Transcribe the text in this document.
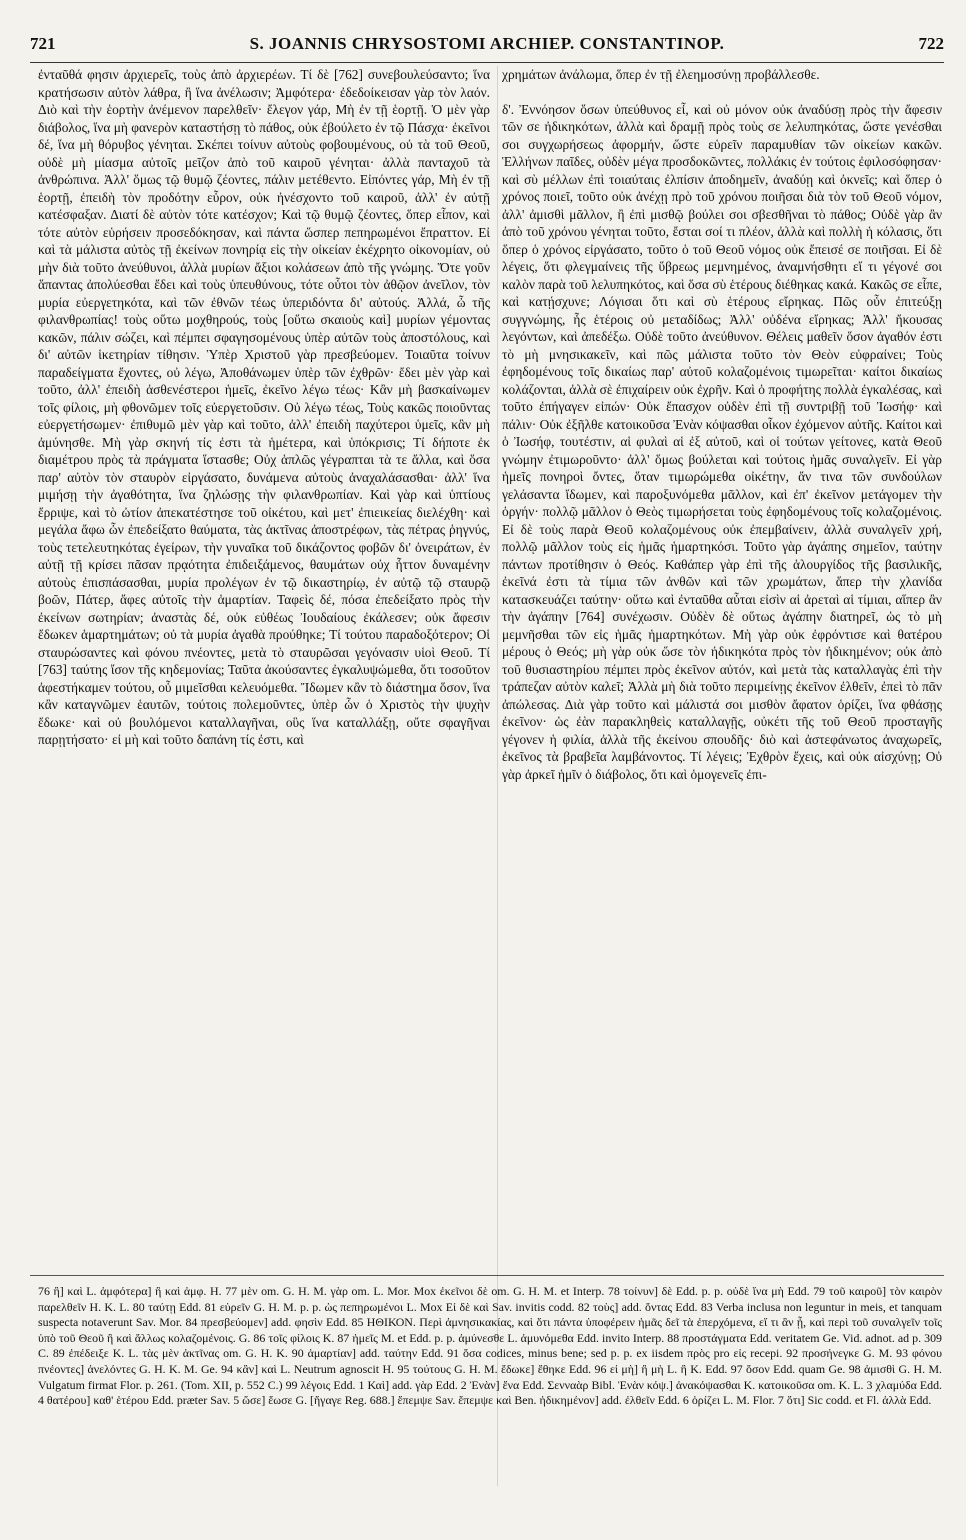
721	S. JOANNIS CHRYSOSTOMI ARCHIEP. CONSTANTINOP.	722

ἐνταῦθά φησιν ἀρχιερεῖς, τοὺς ἀπὸ ἀρχιερέων. Τί δὲ [762] συνεβουλεύσαντο; ἵνα κρατήσωσιν αὐτὸν λάθρα, ἢ ἵνα ἀνέλωσιν; Ἀμφότερα· ἐδεδοίκεισαν γὰρ τὸν λαόν. Διὸ καὶ τὴν ἑορτὴν ἀνέμενον παρελθεῖν· ἔλεγον γάρ, Μὴ ἐν τῇ ἑορτῇ. Ὁ μὲν γὰρ διάβολος, ἵνα μὴ φανερὸν καταστήσῃ τὸ πάθος, οὐκ ἐβούλετο ἐν τῷ Πάσχα· ἐκεῖνοι δέ, ἵνα μὴ θόρυβος γένηται. Σκέπει τοίνυν αὐτοὺς φοβουμένους, οὐ τὰ τοῦ Θεοῦ, οὐδὲ μὴ μίασμα αὐτοῖς μεῖζον ἀπὸ τοῦ καιροῦ γένηται· ἀλλὰ πανταχοῦ τὰ ἀνθρώπινα. Ἀλλ' ὅμως τῷ θυμῷ ζέοντες, πάλιν μετέθεντο. Εἰπόντες γάρ, Μὴ ἐν τῇ ἑορτῇ, ἐπειδὴ τὸν προδότην εὗρον, οὐκ ἠνέσχοντο τοῦ καιροῦ, ἀλλ' ἐν αὐτῇ κατέσφαξαν. Διατί δὲ αὐτὸν τότε κατέσχον; Καὶ τῷ θυμῷ ζέοντες, ὅπερ εἶπον, καὶ τότε αὐτὸν εὑρήσειν προσεδόκησαν, καὶ πάντα ὥσπερ πεπηρωμένοι ἔπραττον. Εἰ καὶ τὰ μάλιστα αὐτὸς τῇ ἐκείνων πονηρίᾳ εἰς τὴν οἰκείαν ἐκέχρητο οἰκονομίαν, οὐ μὴν διὰ τοῦτο ἀνεύθυνοι, ἀλλὰ μυρίων ἄξιοι κολάσεων ἀπὸ τῆς γνώμης. Ὅτε γοῦν ἅπαντας ἀπολύεσθαι ἔδει καὶ τοὺς ὑπευθύνους, τότε οὗτοι τὸν ἀθῷον ἀνεῖλον, τὸν μυρία εὐεργετηκότα, καὶ τῶν ἐθνῶν τέως ὑπεριδόντα δι' αὐτούς. Ἀλλά, ὦ τῆς φιλανθρωπίας! τοὺς οὕτω μοχθηρούς, τοὺς [οὕτω σκαιοὺς καὶ] μυρίων γέμοντας κακῶν, πάλιν σώζει, καὶ πέμπει σφαγησομένους ὑπὲρ αὐτῶν τοὺς ἀποστόλους, καὶ δι' αὐτῶν ἱκετηρίαν τίθησιν. Ὑπὲρ Χριστοῦ γὰρ πρεσβεύομεν. Τοιαῦτα τοίνυν παραδείγματα ἔχοντες, οὐ λέγω, Ἀποθάνωμεν ὑπὲρ τῶν ἐχθρῶν· ἔδει μὲν γὰρ καὶ τοῦτο, ἀλλ' ἐπειδὴ ἀσθενέστεροι ἡμεῖς, ἐκεῖνο λέγω τέως· Κἂν μὴ βασκαίνωμεν τοῖς φίλοις, μὴ φθονῶμεν τοῖς εὐεργετοῦσιν. Οὐ λέγω τέως, Τοὺς κακῶς ποιοῦντας εὐεργετήσωμεν· ἐπιθυμῶ μὲν γὰρ καὶ τοῦτο, ἀλλ' ἐπειδὴ παχύτεροι ὑμεῖς, κἂν μὴ ἀμύνησθε. Μὴ γὰρ σκηνή τίς ἐστι τὰ ἡμέτερα, καὶ ὑπόκρισις; Τί δήποτε ἐκ διαμέτρου πρὸς τὰ πράγματα ἵστασθε; Οὐχ ἁπλῶς γέγραπται τὰ τε ἄλλα, καὶ ὅσα παρ' αὐτὸν τὸν σταυρὸν εἰργάσατο, δυνάμενα αὐτοὺς ἀναχαλάσασθαι· ἀλλ' ἵνα μιμήσῃ τὴν ἀγαθότητα, ἵνα ζηλώσῃς τὴν φιλανθρωπίαν. Καὶ γὰρ καὶ ὑπτίους ἔρριψε, καὶ τὸ ὠτίον ἀπεκατέστησε τοῦ οἰκέτου, καὶ μετ' ἐπιεικείας διελέχθη· καὶ μεγάλα ἄφω ὧν ἐπεδείξατο θαύματα, τὰς ἀκτῖνας ἀποστρέφων, τὰς πέτρας ῥηγνύς, τοὺς τετελευτηκότας ἐγείρων, τὴν γυναῖκα τοῦ δικάζοντος φοβῶν δι' ὀνειράτων, ἐν αὐτῇ τῇ κρίσει πᾶσαν πρᾳότητα ἐπιδειξάμενος, θαυμάτων οὐχ ἧττον δυναμένην αὐτοὺς ἐπισπάσασθαι, μυρία προλέγων ἐν τῷ δικαστηρίῳ, ἐν αὐτῷ τῷ σταυρῷ βοῶν, Πάτερ, ἄφες αὐτοῖς τὴν ἁμαρτίαν. Ταφεὶς δέ, πόσα ἐπεδείξατο πρὸς τὴν ἐκείνων σωτηρίαν; ἀναστὰς δέ, οὐκ εὐθέως Ἰουδαίους ἐκάλεσεν; οὐκ ἄφεσιν ἔδωκεν ἁμαρτημάτων; οὐ τὰ μυρία ἀγαθὰ προύθηκε; Τί τούτου παραδοξότερον; Οἱ σταυρώσαντες καὶ φόνου πνέοντες, μετὰ τὸ σταυρῶσαι γεγόνασιν υἱοὶ Θεοῦ. Τί [763] ταύτης ἴσον τῆς κηδεμονίας; Ταῦτα ἀκούσαντες ἐγκαλυψώμεθα, ὅτι τοσοῦτον ἀφεστήκαμεν τούτου, οὗ μιμεῖσθαι κελευόμεθα. Ἴδωμεν κἂν τὸ διάστημα ὅσον, ἵνα κἂν καταγνῶμεν ἑαυτῶν, τούτοις πολεμοῦντες, ὑπὲρ ὧν ὁ Χριστὸς τὴν ψυχὴν ἔδωκε· καὶ οὐ βουλόμενοι καταλλαγῆναι, οὓς ἵνα καταλλάξῃ, οὔτε σφαγῆναι παρῃτήσατο· εἰ μὴ καὶ τοῦτο δαπάνη τίς ἐστι, καὶ

χρημάτων ἀνάλωμα, ὅπερ ἐν τῇ ἐλεημοσύνῃ προβάλλεσθε.

δ'. Ἐννόησον ὅσων ὑπεύθυνος εἶ, καὶ οὐ μόνον οὐκ ἀναδύσῃ πρὸς τὴν ἄφεσιν τῶν σε ἠδικηκότων, ἀλλὰ καὶ δραμῇ πρὸς τοὺς σε λελυπηκότας, ὥστε γενέσθαι σοι συγχωρήσεως ἀφορμήν, ὥστε εὑρεῖν παραμυθίαν τῶν οἰκείων κακῶν. Ἑλλήνων παῖδες, οὐδὲν μέγα προσδοκῶντες, πολλάκις ἐν τούτοις ἐφιλοσόφησαν· καὶ σὺ μέλλων ἐπὶ τοιαύταις ἐλπίσιν ἀποδημεῖν, ἀναδύῃ καὶ ὀκνεῖς; καὶ ὅπερ ὁ χρόνος ποιεῖ, τοῦτο οὐκ ἀνέχῃ πρὸ τοῦ χρόνου ποιῆσαι διὰ τὸν τοῦ Θεοῦ νόμον, ἀλλ' ἀμισθὶ μᾶλλον, ἢ ἐπὶ μισθῷ βούλει σοι σβεσθῆναι τὸ πάθος; Οὐδὲ γὰρ ἂν ἀπὸ τοῦ χρόνου γένηται τοῦτο, ἔσται σοί τι πλέον, ἀλλὰ καὶ πολλὴ ἡ κόλασις, ὅτι ὅπερ ὁ χρόνος εἰργάσατο, τοῦτο ὁ τοῦ Θεοῦ νόμος οὐκ ἔπεισέ σε ποιῆσαι. Εἰ δὲ λέγεις, ὅτι φλεγμαίνεις τῆς ὕβρεως μεμνημένος, ἀναμνήσθητι εἴ τι γέγονέ σοι καλὸν παρὰ τοῦ λελυπηκότος, καὶ ὅσα σὺ ἑτέρους διέθηκας κακά. Κακῶς σε εἶπε, καὶ κατῄσχυνε; Λόγισαι ὅτι καὶ σὺ ἑτέρους εἴρηκας. Πῶς οὖν ἐπιτεύξῃ συγγνώμης, ἧς ἑτέροις οὐ μεταδίδως; Ἀλλ' οὐδένα εἴρηκας; Ἀλλ' ἤκουσας λεγόντων, καὶ ἀπεδέξω. Οὐδὲ τοῦτο ἀνεύθυνον. Θέλεις μαθεῖν ὅσον ἀγαθόν ἐστι τὸ μὴ μνησικακεῖν, καὶ πῶς μάλιστα τοῦτο τὸν Θεὸν εὐφραίνει; Τοὺς ἐφηδομένους τοῖς δικαίως παρ' αὐτοῦ κολαζομένοις τιμωρεῖται· καίτοι δικαίως κολάζονται, ἀλλὰ σὲ ἐπιχαίρειν οὐκ ἐχρῆν. Καὶ ὁ προφήτης πολλὰ ἐγκαλέσας, καὶ τοῦτο ἐπήγαγεν εἰπών· Οὐκ ἔπασχον οὐδὲν ἐπὶ τῇ συντριβῇ τοῦ Ἰωσήφ· καὶ πάλιν· Οὐκ ἐξῆλθε κατοικοῦσα Ἐνὰν κόψασθαι οἶκον ἐχόμενον αὐτῆς. Καίτοι καὶ ὁ Ἰωσήφ, τουτέστιν, αἱ φυλαὶ αἱ ἐξ αὐτοῦ, καὶ οἱ τούτων γείτονες, κατὰ Θεοῦ γνώμην ἐτιμωροῦντο· ἀλλ' ὅμως βούλεται καὶ τούτοις ἡμᾶς συναλγεῖν. Εἰ γὰρ ἡμεῖς πονηροὶ ὄντες, ὅταν τιμωρώμεθα οἰκέτην, ἄν τινα τῶν συνδούλων γελάσαντα ἴδωμεν, καὶ παροξυνόμεθα μᾶλλον, καὶ ἐπ' ἐκεῖνον μετάγομεν τὴν ὀργήν· πολλῷ μᾶλλον ὁ Θεὸς τιμωρήσεται τοὺς ἐφηδομένους τοῖς κολαζομένοις. Εἰ δὲ τοὺς παρὰ Θεοῦ κολαζομένους οὐκ ἐπεμβαίνειν, ἀλλὰ συναλγεῖν χρή, πολλῷ μᾶλλον τοὺς εἰς ἡμᾶς ἡμαρτηκόσι. Τοῦτο γὰρ ἀγάπης σημεῖον, ταύτην πάντων προτίθησιν ὁ Θεός. Καθάπερ γὰρ ἐπὶ τῆς ἁλουργίδος τῆς βασιλικῆς, ἐκεῖνά ἐστι τὰ τίμια τῶν ἀνθῶν καὶ τῶν χρωμάτων, ἅπερ τὴν χλανίδα κατασκευάζει ταύτην· οὕτω καὶ ἐνταῦθα αὗται εἰσὶν αἱ ἀρεταὶ αἱ τίμιαι, αἵπερ ἂν τὴν ἀγάπην [764] συνέχωσιν. Οὐδὲν δὲ οὕτως ἀγάπην διατηρεῖ, ὡς τὸ μὴ μεμνῆσθαι τῶν εἰς ἡμᾶς ἡμαρτηκότων. Μὴ γὰρ οὐκ ἐφρόντισε καὶ θατέρου μέρους ὁ Θεός; μὴ γὰρ οὐκ ὥσε τὸν ἠδικηκότα πρὸς τὸν ἠδικημένον; οὐκ ἀπὸ τοῦ θυσιαστηρίου πέμπει πρὸς ἐκεῖνον αὐτόν, καὶ μετὰ τὰς καταλλαγὰς ἐπὶ τὴν τράπεζαν αὐτὸν καλεῖ; Ἀλλὰ μὴ διὰ τοῦτο περιμείνῃς ἐκεῖνον ἐλθεῖν, ἐπεὶ τὸ πᾶν ἀπώλεσας. Διὰ γὰρ τοῦτο καὶ μάλιστά σοι μισθὸν ἄφατον ὁρίζει, ἵνα φθάσῃς ἐκεῖνον· ὡς ἐὰν παρακληθεὶς καταλλαγῇς, οὐκέτι τῆς τοῦ Θεοῦ προσταγῆς γέγονεν ἡ φιλία, ἀλλὰ τῆς ἐκείνου σπουδῆς· διὸ καὶ ἀστεφάνωτος ἀναχωρεῖς, ἐκεῖνος τὰ βραβεῖα λαμβάνοντος. Τί λέγεις; Ἐχθρὸν ἔχεις, καὶ οὐκ αἰσχύνῃ; Οὐ γὰρ ἀρκεῖ ἡμῖν ὁ διάβολος, ὅτι καὶ ὁμογενεῖς ἐπι-

76 ἢ] καὶ L. ἀμφότερα] ἢ καὶ ἀμφ. H. 77 μὲν om. G. H. M. γὰρ om. L. Mor. Mox ἐκεῖνοι δὲ om. G. H. M. et Interp. 78 τοίνυν] δὲ Edd. p. p. οὐδὲ ἵνα μὴ Edd. 79 τοῦ καιροῦ] τὸν καιρὸν παρελθεῖν H. K. L. 80 ταύτῃ Edd. 81 εὑρεῖν G. H. M. p. p. ὡς πεπηρωμένοι L. Mox Εἰ δὲ καὶ Sav. invitis codd. 82 τοὺς] add. ὄντας Edd. 83 Verba inclusa non leguntur in meis, et tanquam suspecta notaverunt Sav. Mor. 84 πρεσβεύομεν] add. φησὶν Edd. 85 ΗΘΙΚΟΝ. Περὶ ἀμνησικακίας, καὶ ὅτι πάντα ὑποφέρειν ἡμᾶς δεῖ τὰ ἐπερχόμενα, εἴ τι ἂν ᾖ, καὶ περὶ τοῦ συναλγεῖν τοῖς ὑπὸ τοῦ Θεοῦ ἢ καὶ ἄλλως κολαζομένοις. G. 86 τοῖς φίλοις K. 87 ἡμεῖς M. et Edd. p. p. ἀμύνεσθε L. ἀμυνόμεθα Edd. invito Interp. 88 προστάγματα Edd. veritatem Ge. Vid. adnot. ad p. 309 C. 89 ἐπέδειξε K. L. τὰς μὲν ἀκτῖνας om. G. H. K. 90 ἁμαρτίαν] add. ταύτην Edd. 91 ὅσα codices, minus bene; sed p. p. ex iisdem πρὸς pro εἰς recepi. 92 προσήνεγκε G. M. 93 φόνου πνέοντες] ἀνελόντες G. H. K. M. Ge. 94 κἂν] καὶ L. Neutrum agnoscit H. 95 τούτους G. H. M. ἔδωκε] ἔθηκε Edd. 96 εἰ μὴ] ἢ μὴ L. ἢ K. Edd. 97 ὅσον Edd. quam Ge. 98 ἀμισθὶ G. H. M. Vulgatum firmat Flor. p. 261. (Tom. XII, p. 552 C.) 99 λέγοις Edd. 1 Καὶ] add. γὰρ Edd. 2 Ἐνὰν] ἕνα Edd. Σενναὰρ Bibl. Ἐνὰν κόψ.] ἀνακόψασθαι K. κατοικοῦσα om. K. L. 3 χλαμύδα Edd. 4 θατέρου] καθ' ἑτέρου Edd. præter Sav. 5 ὥσε] ἔωσε G. [ἤγαγε Reg. 688.] ἔπεμψε Sav. ἔπεμψε καὶ Ben. ἠδικημένον] add. ἐλθεῖν Edd. 6 ὁρίζει L. M. Flor. 7 ὅτι] Sic codd. et Fl. ἀλλὰ Edd.
